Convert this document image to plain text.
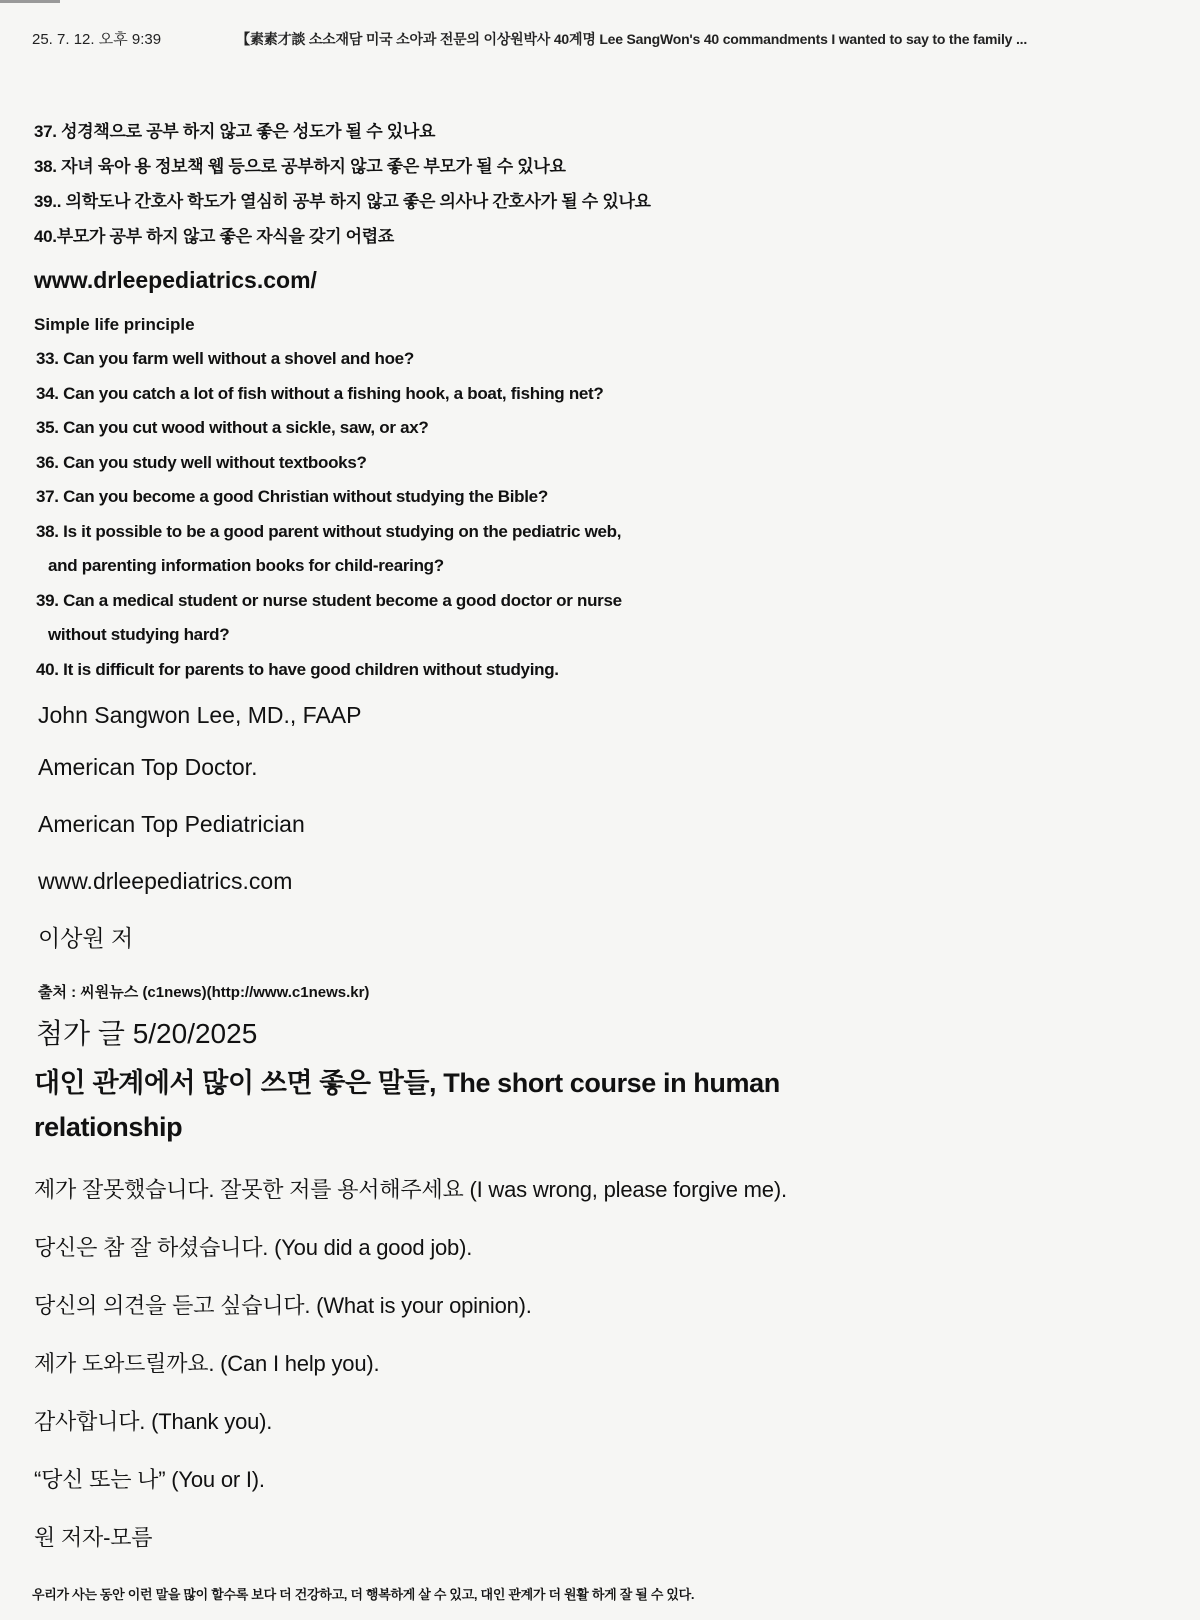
25. 7. 12. 오후 9:39	【素素才談 소소재담 미국 소아과 전문의 이상원박사 40계명 Lee SangWon's 40 commandments I wanted to say to the family ...
37. 성경책으로 공부 하지 않고 좋은 성도가 될 수 있나요
38. 자녀 육아 용 정보책 웹 등으로 공부하지 않고 좋은 부모가 될 수 있나요
39.. 의학도나 간호사 학도가 열심히 공부 하지 않고 좋은 의사나 간호사가 될 수 있나요
40.부모가 공부 하지 않고 좋은 자식을 갖기 어렵죠
www.drleepediatrics.com/
Simple life principle
33. Can you farm well without a shovel and hoe?
34. Can you catch a lot of fish without a fishing hook, a boat, fishing net?
35. Can you cut wood without a sickle, saw, or ax?
36. Can you study well without textbooks?
37. Can you become a good Christian without studying the Bible?
38. Is it possible to be a good parent without studying on the pediatric web,
and parenting information books for child-rearing?
39. Can a medical student or nurse student become a good doctor or nurse
without studying hard?
40. It is difficult for parents to have good children without studying.
John Sangwon Lee, MD., FAAP
American Top Doctor.
American Top Pediatrician
www.drleepediatrics.com
이상원 저
출처 : 씨원뉴스 (c1news)(http://www.c1news.kr)
첨가 글 5/20/2025
대인 관계에서 많이 쓰면 좋은 말들, The short course in human relationship
제가 잘못했습니다. 잘못한 저를 용서해주세요 (I was wrong, please forgive me).
당신은 참 잘 하셨습니다. (You did a good job).
당신의 의견을 듣고 싶습니다. (What is your opinion).
제가 도와드릴까요. (Can I help you).
감사합니다. (Thank you).
“당신 또는 나” (You or I).
원 저자-모름
우리가 사는 동안 이런 말을 많이 할수록 보다 더 건강하고, 더 행복하게 살 수 있고, 대인 관계가 더 원활 하게 잘 될 수 있다.
